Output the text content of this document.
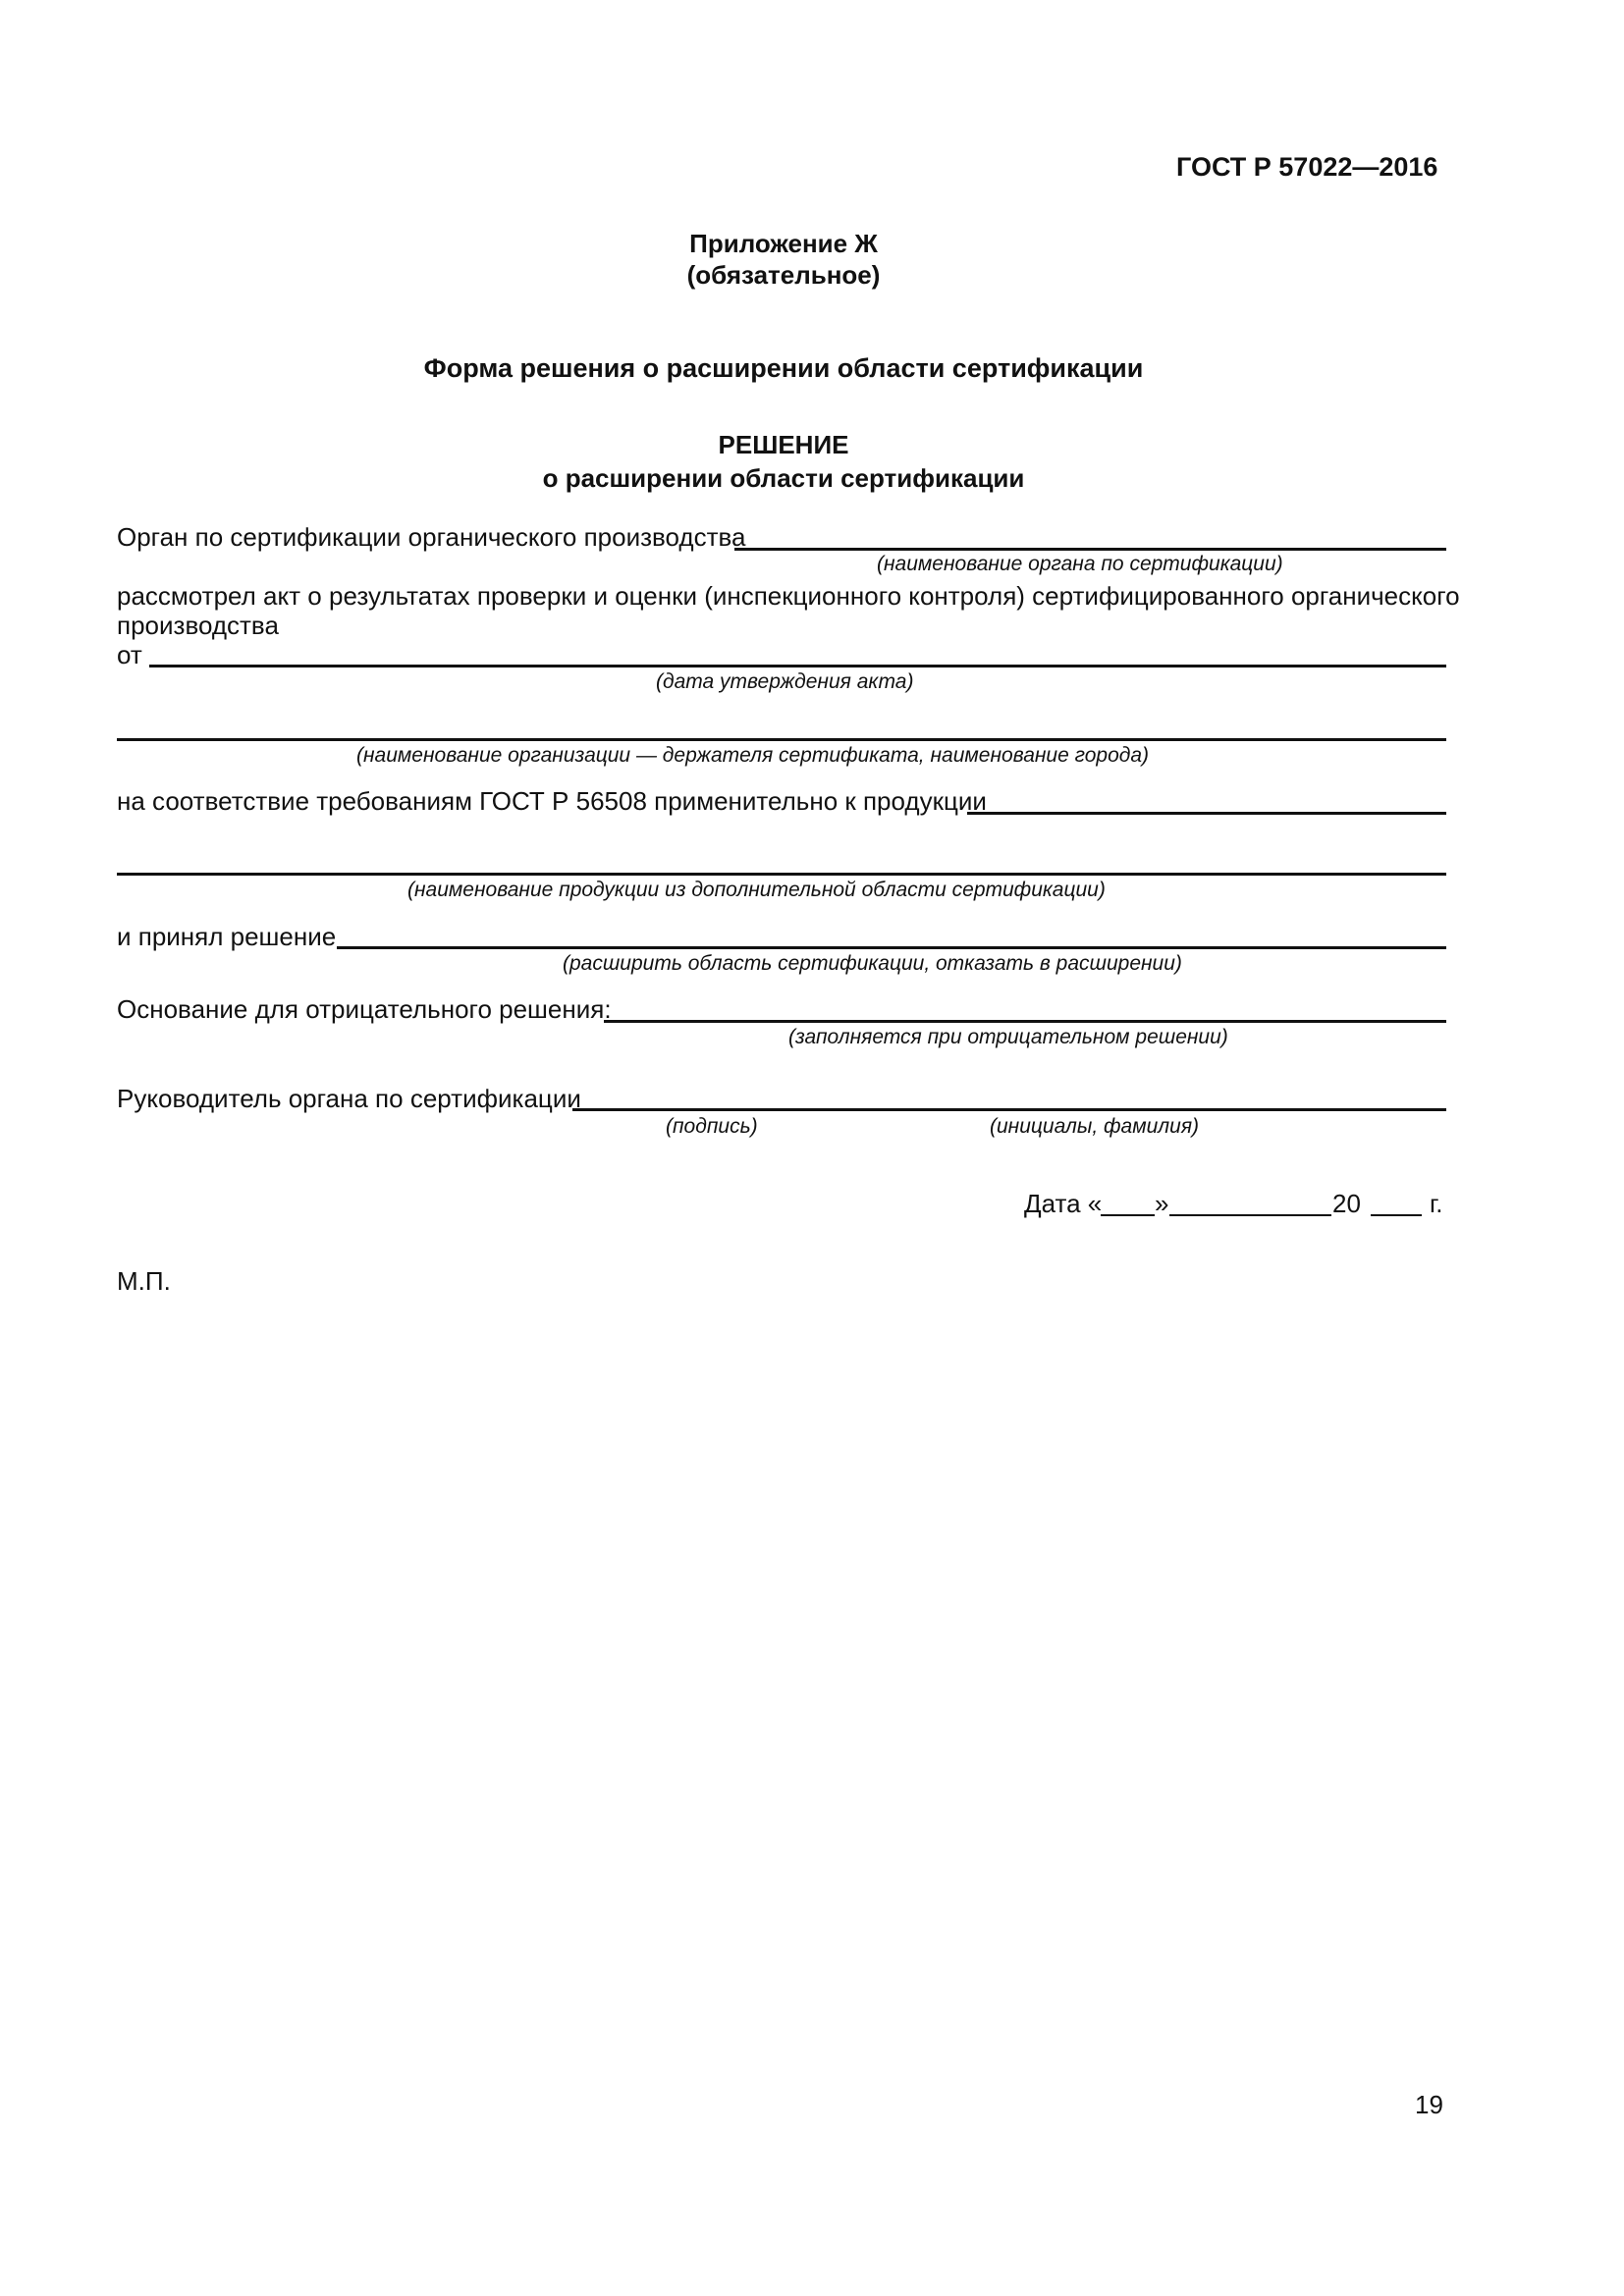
ГОСТ Р 57022—2016
Приложение Ж
(обязательное)
Форма решения о расширении области сертификации
РЕШЕНИЕ
о расширении области сертификации
Орган по сертификации органического производства
(наименование органа по сертификации)
рассмотрел акт о результатах проверки и оценки (инспекционного контроля) сертифицированного органического
производства
от
(дата утверждения акта)
(наименование организации — держателя сертификата, наименование города)
на соответствие требованиям ГОСТ Р 56508 применительно к продукции
(наименование продукции из дополнительной области сертификации)
и принял решение
(расширить область сертификации, отказать в расширении)
Основание для отрицательного решения:
(заполняется при отрицательном решении)
Руководитель органа по сертификации
(подпись)	(инициалы, фамилия)
Дата « »	20	г.
М.П.
19
